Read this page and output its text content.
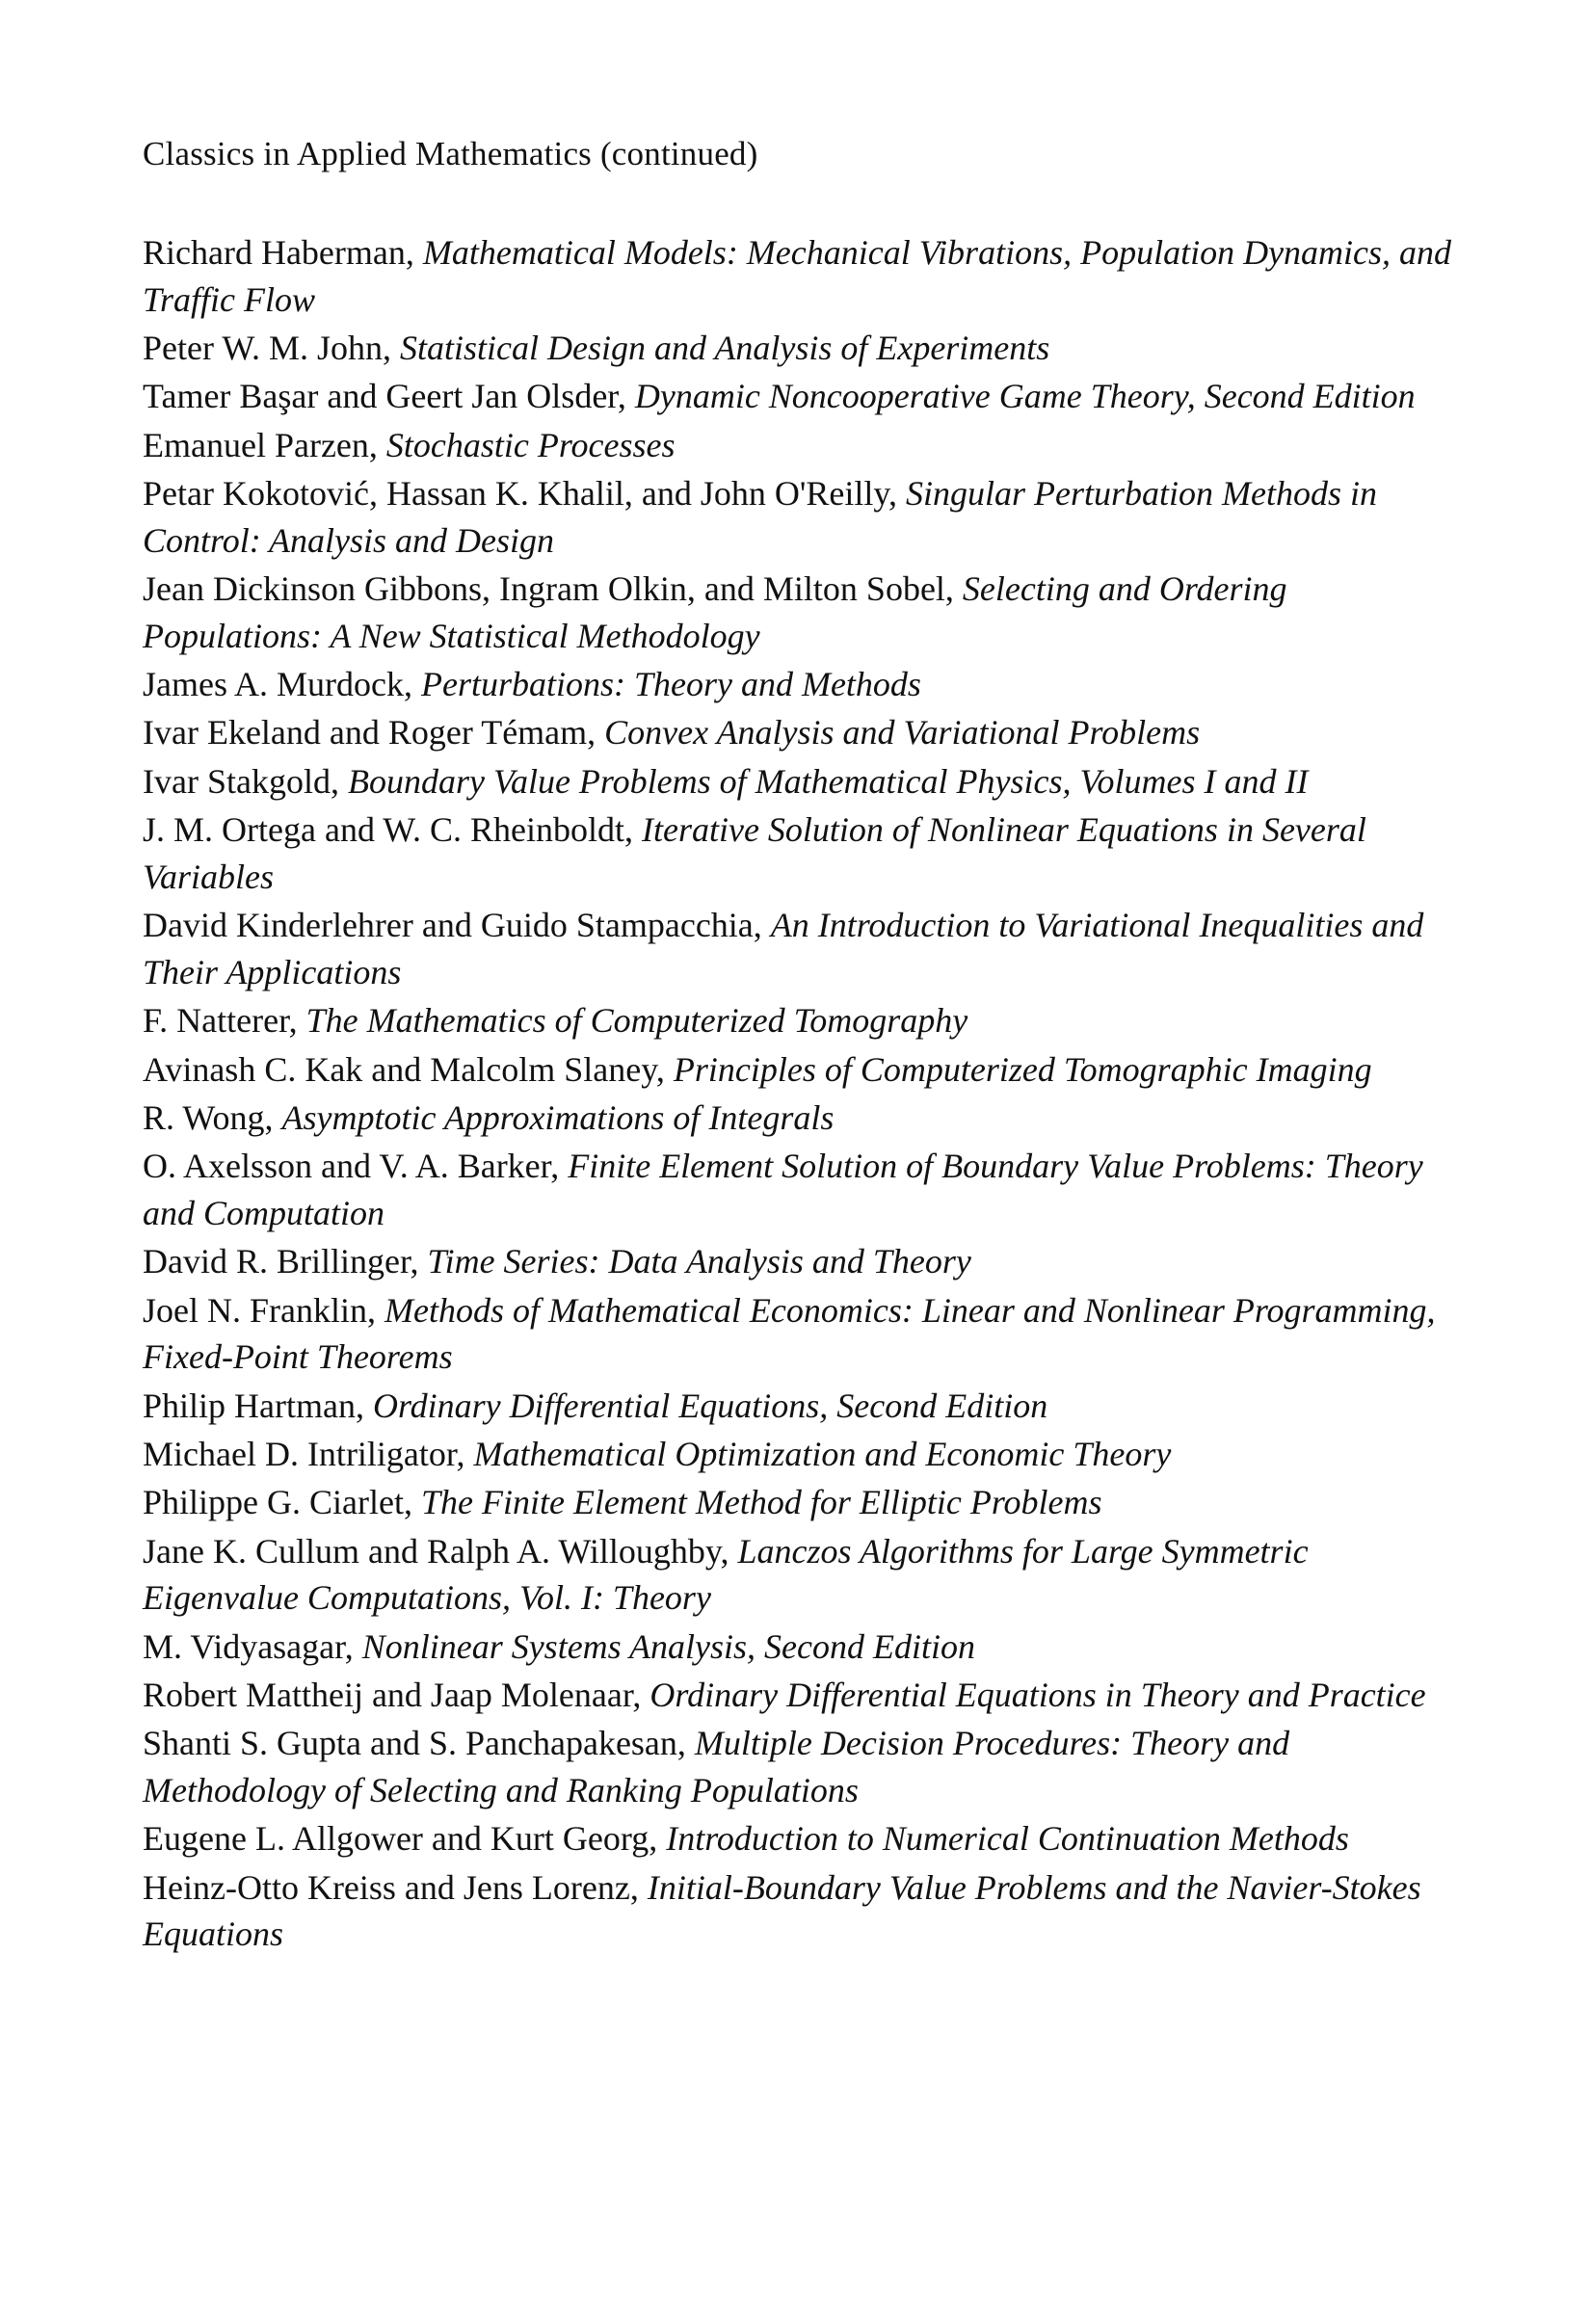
Classics in Applied Mathematics (continued)
Richard Haberman, Mathematical Models: Mechanical Vibrations, Population Dynamics, and Traffic Flow
Peter W. M. John, Statistical Design and Analysis of Experiments
Tamer Başar and Geert Jan Olsder, Dynamic Noncooperative Game Theory, Second Edition
Emanuel Parzen, Stochastic Processes
Petar Kokotović, Hassan K. Khalil, and John O'Reilly, Singular Perturbation Methods in Control: Analysis and Design
Jean Dickinson Gibbons, Ingram Olkin, and Milton Sobel, Selecting and Ordering Populations: A New Statistical Methodology
James A. Murdock, Perturbations: Theory and Methods
Ivar Ekeland and Roger Témam, Convex Analysis and Variational Problems
Ivar Stakgold, Boundary Value Problems of Mathematical Physics, Volumes I and II
J. M. Ortega and W. C. Rheinboldt, Iterative Solution of Nonlinear Equations in Several Variables
David Kinderlehrer and Guido Stampacchia, An Introduction to Variational Inequalities and Their Applications
F. Natterer, The Mathematics of Computerized Tomography
Avinash C. Kak and Malcolm Slaney, Principles of Computerized Tomographic Imaging
R. Wong, Asymptotic Approximations of Integrals
O. Axelsson and V. A. Barker, Finite Element Solution of Boundary Value Problems: Theory and Computation
David R. Brillinger, Time Series: Data Analysis and Theory
Joel N. Franklin, Methods of Mathematical Economics: Linear and Nonlinear Programming, Fixed-Point Theorems
Philip Hartman, Ordinary Differential Equations, Second Edition
Michael D. Intriligator, Mathematical Optimization and Economic Theory
Philippe G. Ciarlet, The Finite Element Method for Elliptic Problems
Jane K. Cullum and Ralph A. Willoughby, Lanczos Algorithms for Large Symmetric Eigenvalue Computations, Vol. I: Theory
M. Vidyasagar, Nonlinear Systems Analysis, Second Edition
Robert Mattheij and Jaap Molenaar, Ordinary Differential Equations in Theory and Practice
Shanti S. Gupta and S. Panchapakesan, Multiple Decision Procedures: Theory and Methodology of Selecting and Ranking Populations
Eugene L. Allgower and Kurt Georg, Introduction to Numerical Continuation Methods
Heinz-Otto Kreiss and Jens Lorenz, Initial-Boundary Value Problems and the Navier-Stokes Equations
